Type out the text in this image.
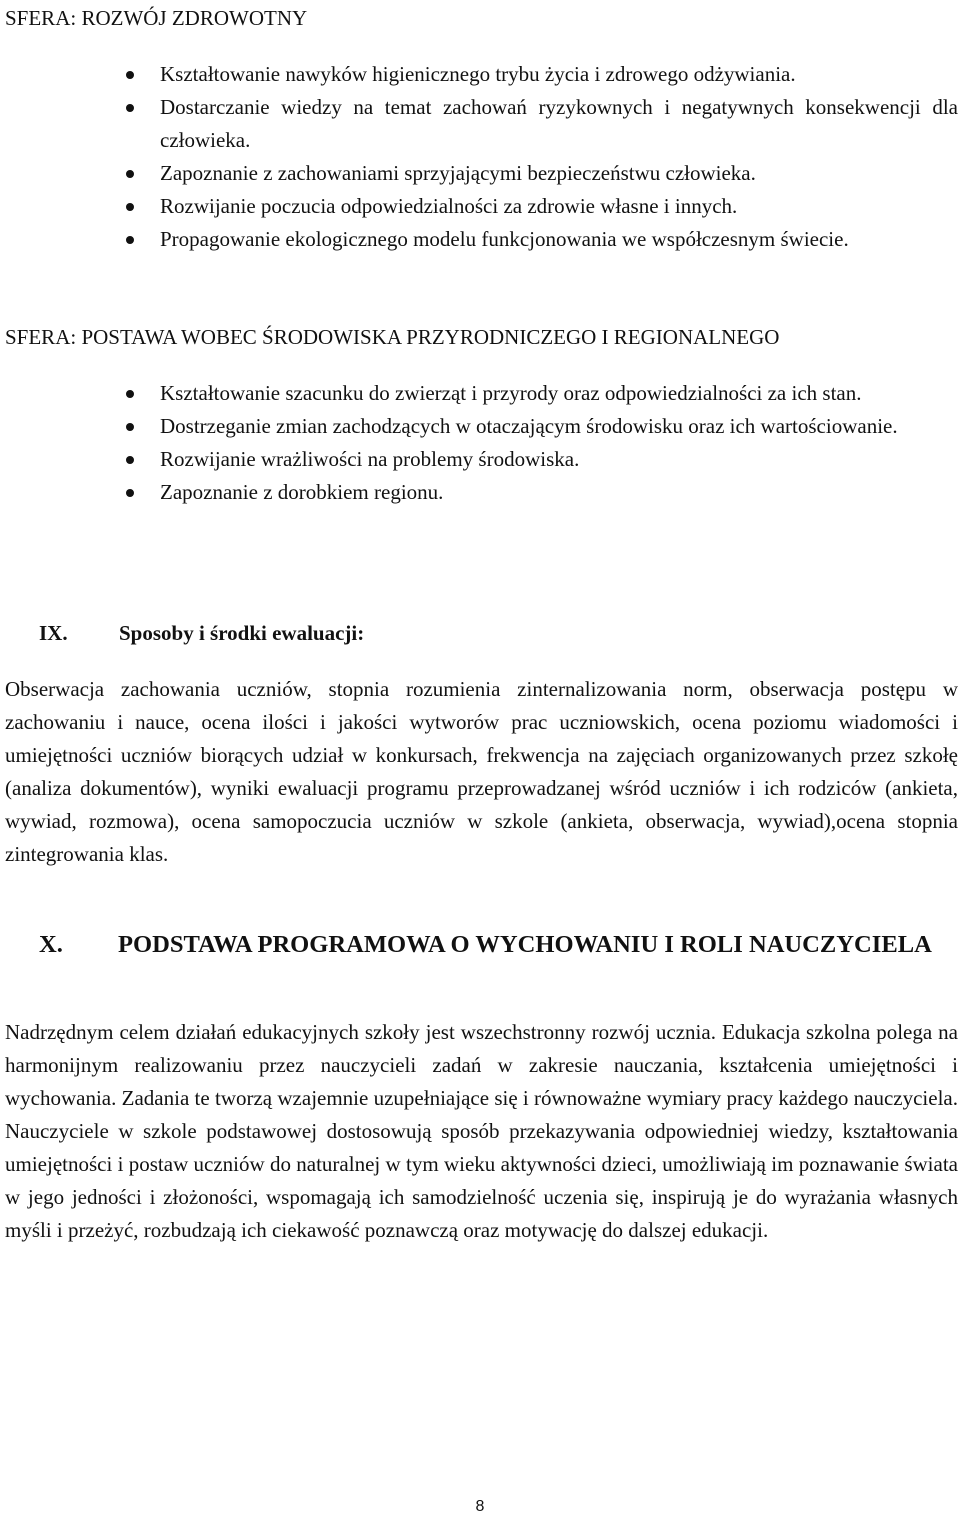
SFERA: ROZWÓJ ZDROWOTNY
Kształtowanie nawyków higienicznego trybu życia i zdrowego odżywiania.
Dostarczanie wiedzy na temat zachowań ryzykownych i negatywnych konsekwencji dla człowieka.
Zapoznanie z zachowaniami sprzyjającymi bezpieczeństwu człowieka.
Rozwijanie poczucia odpowiedzialności za zdrowie własne i innych.
Propagowanie ekologicznego modelu funkcjonowania we współczesnym świecie.
SFERA: POSTAWA WOBEC ŚRODOWISKA PRZYRODNICZEGO I REGIONALNEGO
Kształtowanie szacunku do zwierząt i przyrody oraz odpowiedzialności za ich stan.
Dostrzeganie zmian zachodzących w otaczającym środowisku oraz ich wartościowanie.
Rozwijanie wrażliwości na problemy środowiska.
Zapoznanie z dorobkiem regionu.
IX. Sposoby i środki ewaluacji:

Obserwacja zachowania uczniów, stopnia rozumienia zinternalizowania norm, obserwacja postępu w zachowaniu i nauce, ocena ilości i jakości wytworów prac uczniowskich, ocena poziomu wiadomości i umiejętności uczniów biorących udział w konkursach, frekwencja na zajęciach organizowanych przez szkołę (analiza dokumentów), wyniki ewaluacji programu przeprowadzanej wśród uczniów i ich rodziców (ankieta, wywiad, rozmowa), ocena samopoczucia uczniów w szkole (ankieta, obserwacja, wywiad),ocena stopnia zintegrowania klas.

X. PODSTAWA PROGRAMOWA O WYCHOWANIU I ROLI NAUCZYCIELA

Nadrzędnym celem działań edukacyjnych szkoły jest wszechstronny rozwój ucznia. Edukacja szkolna polega na harmonijnym realizowaniu przez nauczycieli zadań w zakresie nauczania, kształcenia umiejętności i wychowania. Zadania te tworzą wzajemnie uzupełniające się i równoważne wymiary pracy każdego nauczyciela. Nauczyciele w szkole podstawowej dostosowują sposób przekazywania odpowiedniej wiedzy, kształtowania umiejętności i postaw uczniów do naturalnej w tym wieku aktywności dzieci, umożliwiają im poznawanie świata w jego jedności i złożoności, wspomagają ich samodzielność uczenia się, inspirują je do wyrażania własnych myśli i przeżyć, rozbudzają ich ciekawość poznawczą oraz motywację do dalszej edukacji.

8
